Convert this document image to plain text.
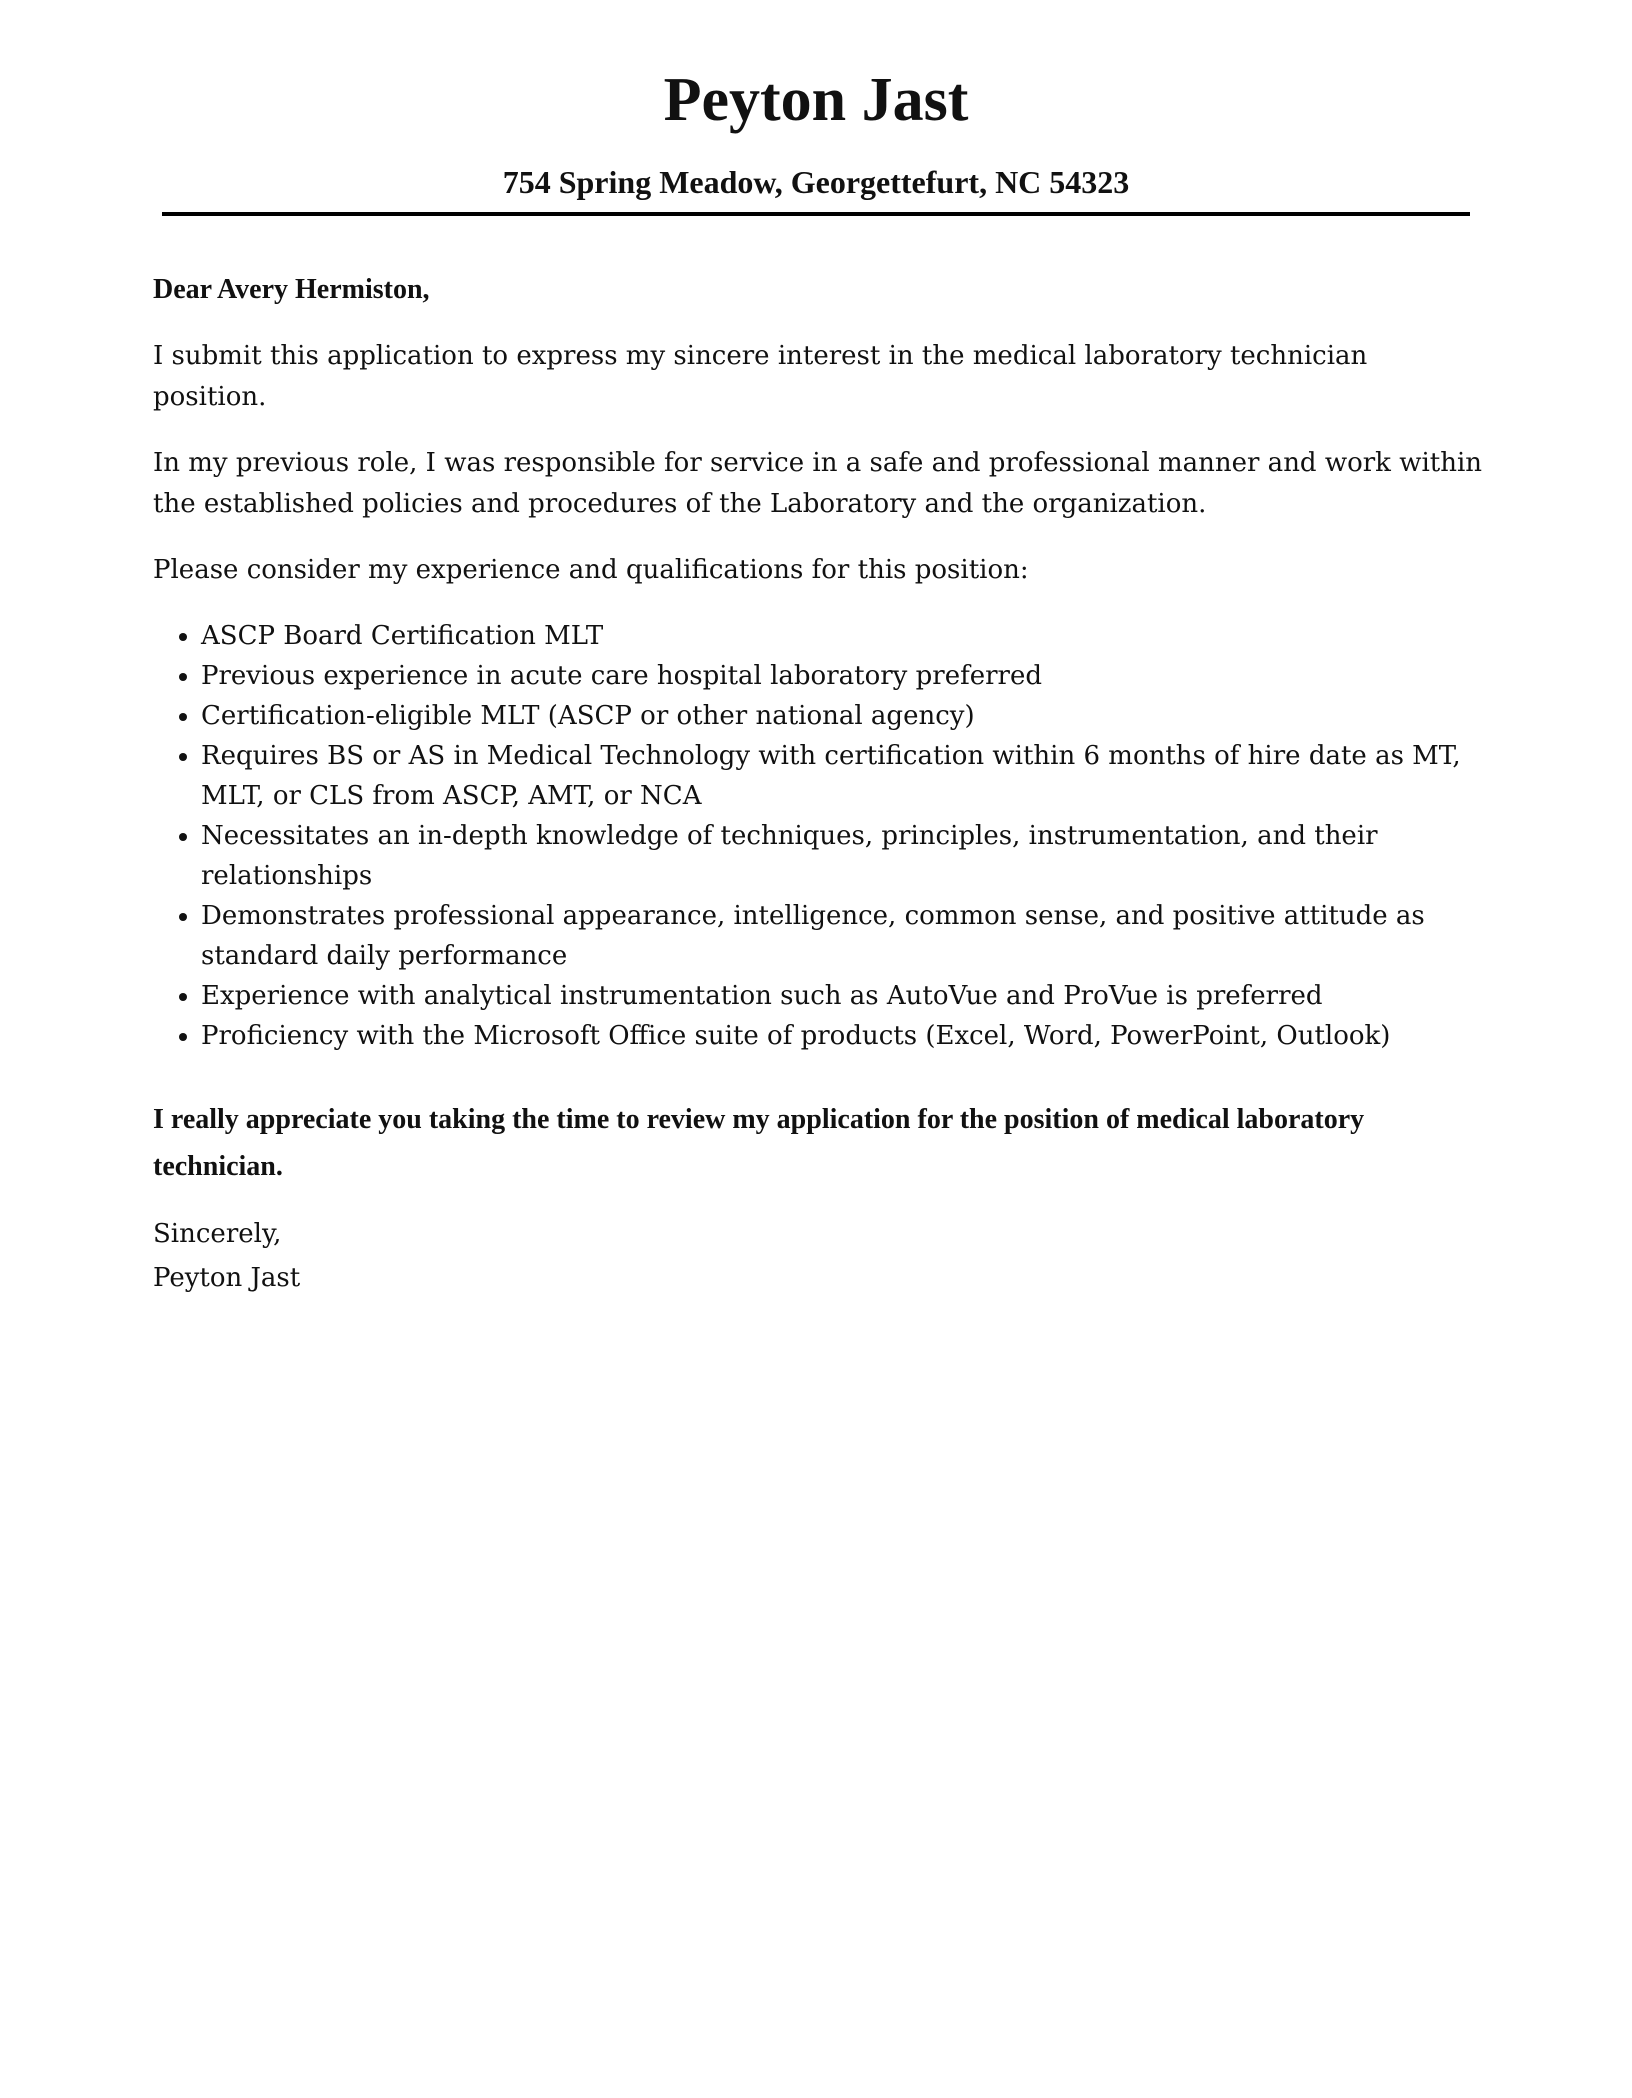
Peyton Jast
754 Spring Meadow, Georgettefurt, NC 54323

Dear Avery Hermiston,

I submit this application to express my sincere interest in the medical laboratory technician position.

In my previous role, I was responsible for service in a safe and professional manner and work within the established policies and procedures of the Laboratory and the organization.

Please consider my experience and qualifications for this position:

• ASCP Board Certification MLT
• Previous experience in acute care hospital laboratory preferred
• Certification-eligible MLT (ASCP or other national agency)
• Requires BS or AS in Medical Technology with certification within 6 months of hire date as MT, MLT, or CLS from ASCP, AMT, or NCA
• Necessitates an in-depth knowledge of techniques, principles, instrumentation, and their relationships
• Demonstrates professional appearance, intelligence, common sense, and positive attitude as standard daily performance
• Experience with analytical instrumentation such as AutoVue and ProVue is preferred
• Proficiency with the Microsoft Office suite of products (Excel, Word, PowerPoint, Outlook)

I really appreciate you taking the time to review my application for the position of medical laboratory technician.

Sincerely,
Peyton Jast
